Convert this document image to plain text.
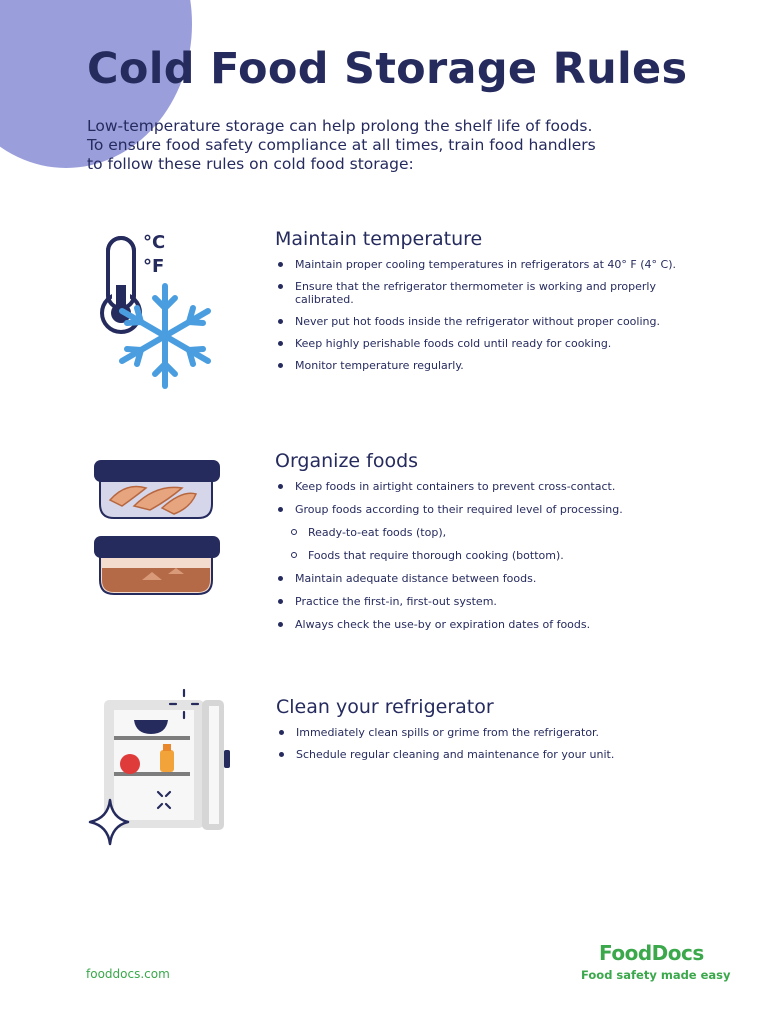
Cold Food Storage Rules
Low-temperature storage can help prolong the shelf life of foods.
To ensure food safety compliance at all times, train food handlers
to follow these rules on cold food storage:
°C
°F
Maintain temperature
Maintain proper cooling temperatures in refrigerators at 40° F (4° C).
Ensure that the refrigerator thermometer is working and properly calibrated.
Never put hot foods inside the refrigerator without proper cooling.
Keep highly perishable foods cold until ready for cooking.
Monitor temperature regularly.
Organize foods
Keep foods in airtight containers to prevent cross-contact.
Group foods according to their required level of processing.
Ready-to-eat foods (top),
Foods that require thorough cooking (bottom).
Maintain adequate distance between foods.
Practice the first-in, first-out system.
Always check the use-by or expiration dates of foods.
Clean your refrigerator
Immediately clean spills or grime from the refrigerator.
Schedule regular cleaning and maintenance for your unit.
fooddocs.com
FoodDocs
Food safety made easy
